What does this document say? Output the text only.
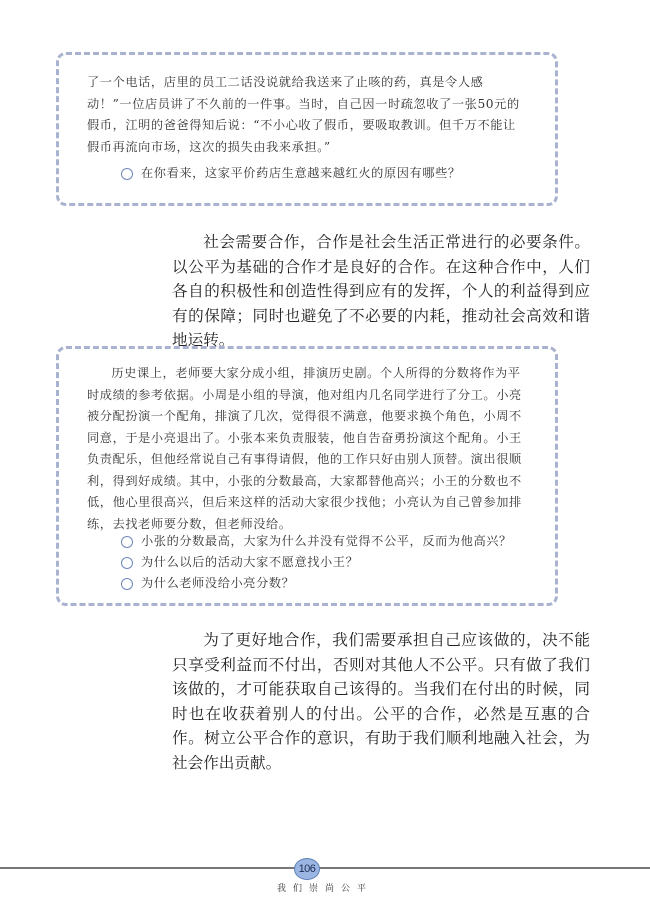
了一个电话，店里的员工二话没说就给我送来了止咳的药，真是令人感动！”一位店员讲了不久前的一件事。当时，自己因一时疏忽收了一张50元的假币，江明的爸爸得知后说：“不小心收了假币，要吸取教训。但千万不能让假币再流向市场，这次的损失由我来承担。”

在你看来，这家平价药店生意越来越红火的原因有哪些？
社会需要合作，合作是社会生活正常进行的必要条件。以公平为基础的合作才是良好的合作。在这种合作中，人们各自的积极性和创造性得到应有的发挥，个人的利益得到应有的保障；同时也避免了不必要的内耗，推动社会高效和谐地运转。

历史课上，老师要大家分成小组，排演历史剧。个人所得的分数将作为平时成绩的参考依据。小周是小组的导演，他对组内几名同学进行了分工。小亮被分配扮演一个配角，排演了几次，觉得很不满意，他要求换个角色，小周不同意，于是小亮退出了。小张本来负责服装，他自告奋勇扮演这个配角。小王负责配乐，但他经常说自己有事得请假，他的工作只好由别人顶替。演出很顺利，得到好成绩。其中，小张的分数最高，大家都替他高兴；小王的分数也不低，他心里很高兴，但后来这样的活动大家很少找他；小亮认为自己曾参加排练，去找老师要分数，但老师没给。

小张的分数最高，大家为什么并没有觉得不公平，反而为他高兴？
为什么以后的活动大家不愿意找小王？
为什么老师没给小亮分数？
为了更好地合作，我们需要承担自己应该做的，决不能只享受利益而不付出，否则对其他人不公平。只有做了我们该做的，才可能获取自己该得的。当我们在付出的时候，同时也在收获着别人的付出。公平的合作，必然是互惠的合作。树立公平合作的意识，有助于我们顺利地融入社会，为社会作出贡献。
106
我们崇尚公平
